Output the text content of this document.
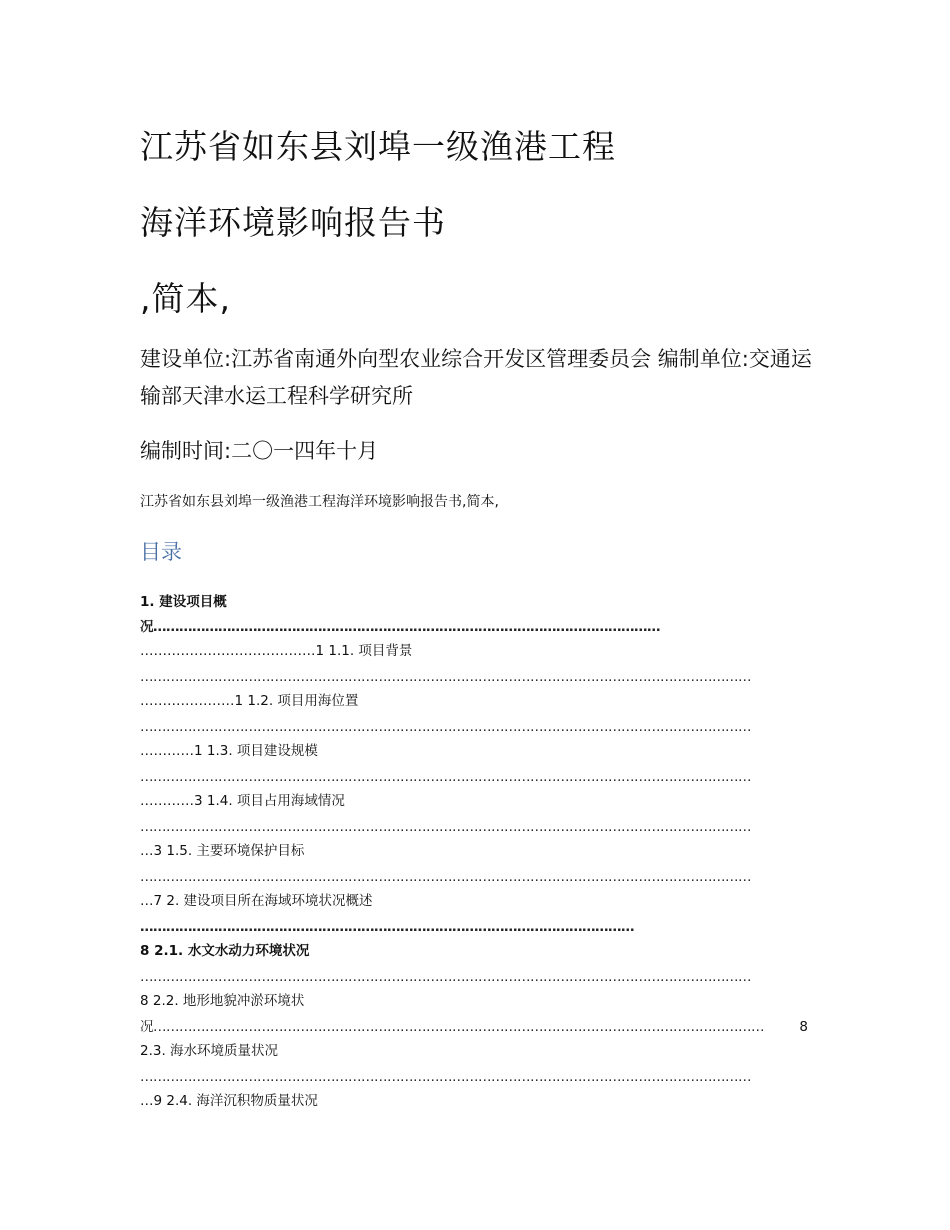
江苏省如东县刘埠一级渔港工程
海洋环境影响报告书
,简本,
建设单位:江苏省南通外向型农业综合开发区管理委员会 编制单位:交通运输部天津水运工程科学研究所
编制时间:二〇一四年十月
江苏省如东县刘埠一级渔港工程海洋环境影响报告书,简本,
目录
1. 建设项目概
况………………………………………………………………………………………………………
…………………………………1 1.1. 项目背景
……………………………………………………………………………………………………………………………
…………………1 1.2. 项目用海位置
……………………………………………………………………………………………………………………………
…………1 1.3. 项目建设规模
……………………………………………………………………………………………………………………………
…………3 1.4. 项目占用海域情况
……………………………………………………………………………………………………………………………
…3 1.5. 主要环境保护目标
……………………………………………………………………………………………………………………………
…7 2. 建设项目所在海域环境状况概述
……………………………………………………………………………………………………
8 2.1. 水文水动力环境状况
……………………………………………………………………………………………………………………………
8 2.2. 地形地貌冲淤环境状
况……………………………………………………………………………………………………………………………	8
2.3. 海水环境质量状况
……………………………………………………………………………………………………………………………
…9 2.4. 海洋沉积物质量状况
